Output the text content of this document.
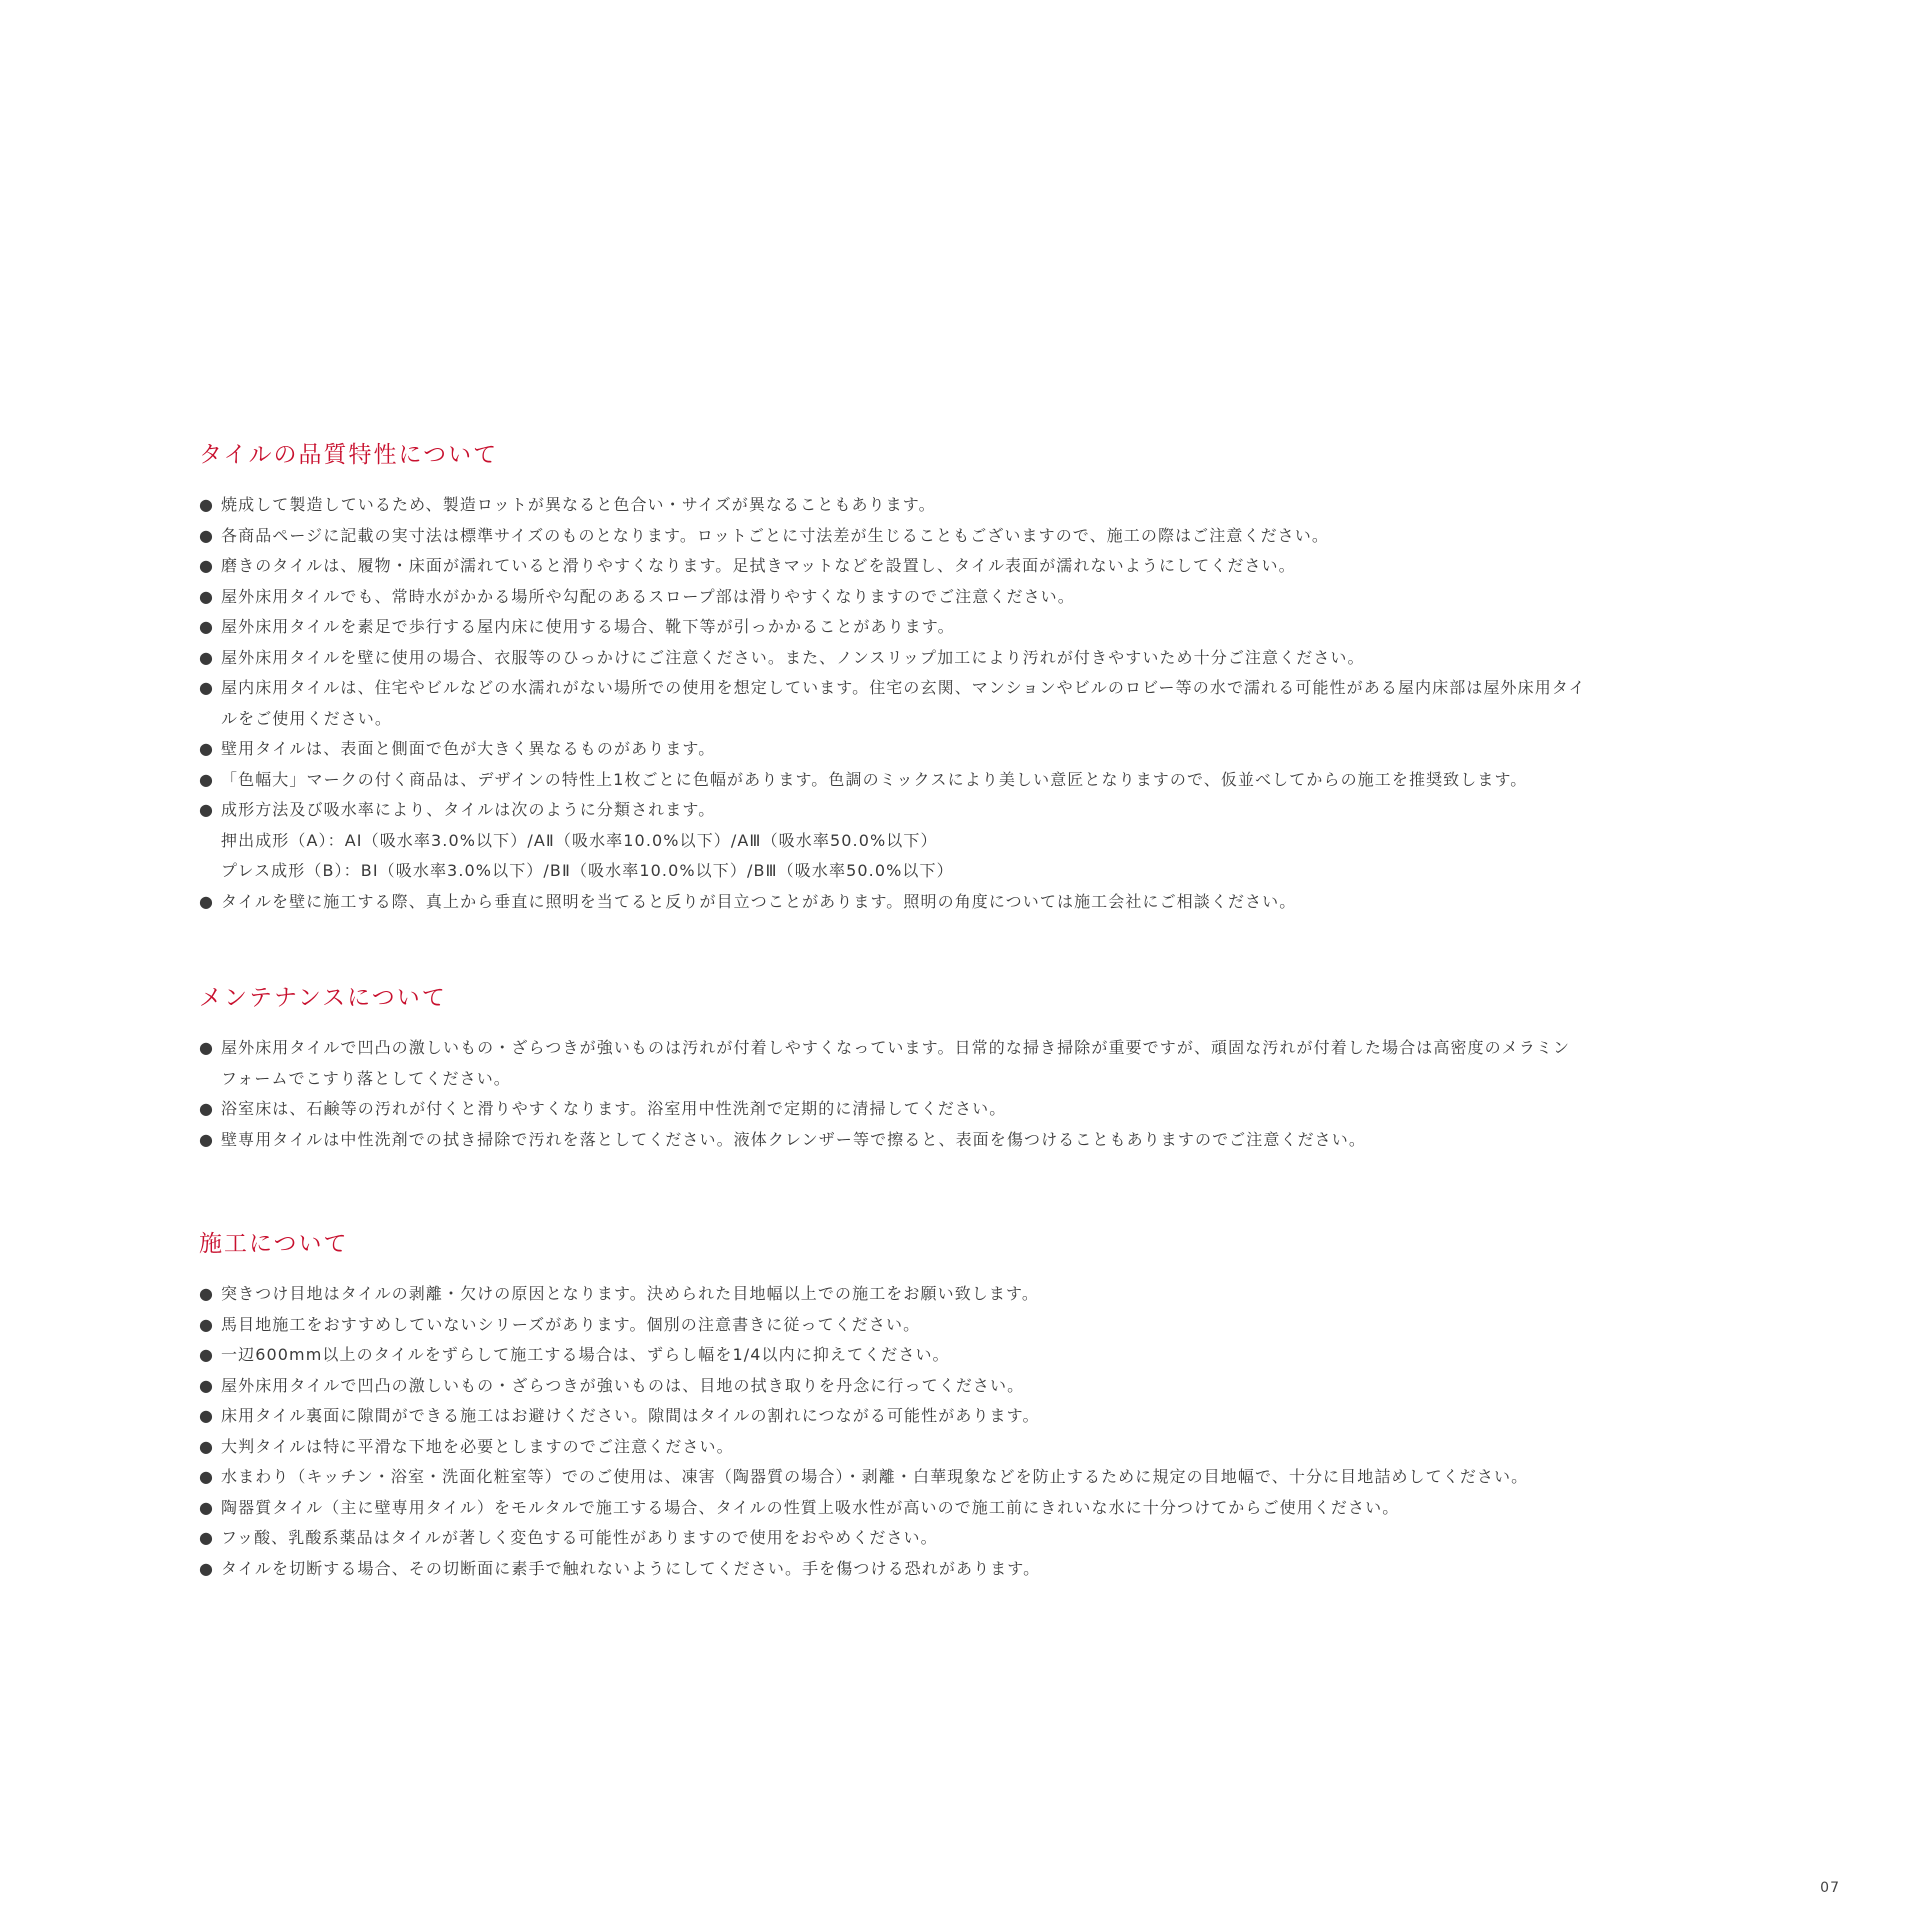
タイルの品質特性について
● 焼成して製造しているため、製造ロットが異なると色合い・サイズが異なることもあります。
● 各商品ページに記載の実寸法は標準サイズのものとなります。ロットごとに寸法差が生じることもございますので、施工の際はご注意ください。
● 磨きのタイルは、履物・床面が濡れていると滑りやすくなります。足拭きマットなどを設置し、タイル表面が濡れないようにしてください。
● 屋外床用タイルでも、常時水がかかる場所や勾配のあるスロープ部は滑りやすくなりますのでご注意ください。
● 屋外床用タイルを素足で歩行する屋内床に使用する場合、靴下等が引っかかることがあります。
● 屋外床用タイルを壁に使用の場合、衣服等のひっかけにご注意ください。また、ノンスリップ加工により汚れが付きやすいため十分ご注意ください。
● 屋内床用タイルは、住宅やビルなどの水濡れがない場所での使用を想定しています。住宅の玄関、マンションやビルのロビー等の水で濡れる可能性がある屋内床部は屋外床用タイ
ルをご使用ください。
● 壁用タイルは、表面と側面で色が大きく異なるものがあります。
● 「色幅大」マークの付く商品は、デザインの特性上1枚ごとに色幅があります。色調のミックスにより美しい意匠となりますので、仮並べしてからの施工を推奨致します。
● 成形方法及び吸水率により、タイルは次のように分類されます。
押出成形（A）：AⅠ（吸水率3.0%以下）/AⅡ（吸水率10.0%以下）/AⅢ（吸水率50.0%以下）
プレス成形（B）：BⅠ（吸水率3.0%以下）/BⅡ（吸水率10.0%以下）/BⅢ（吸水率50.0%以下）
● タイルを壁に施工する際、真上から垂直に照明を当てると反りが目立つことがあります。照明の角度については施工会社にご相談ください。
メンテナンスについて
● 屋外床用タイルで凹凸の激しいもの・ざらつきが強いものは汚れが付着しやすくなっています。日常的な掃き掃除が重要ですが、頑固な汚れが付着した場合は高密度のメラミン
フォームでこすり落としてください。
● 浴室床は、石鹸等の汚れが付くと滑りやすくなります。浴室用中性洗剤で定期的に清掃してください。
● 壁専用タイルは中性洗剤での拭き掃除で汚れを落としてください。液体クレンザー等で擦ると、表面を傷つけることもありますのでご注意ください。
施工について
● 突きつけ目地はタイルの剥離・欠けの原因となります。決められた目地幅以上での施工をお願い致します。
● 馬目地施工をおすすめしていないシリーズがあります。個別の注意書きに従ってください。
● 一辺600mm以上のタイルをずらして施工する場合は、ずらし幅を1/4以内に抑えてください。
● 屋外床用タイルで凹凸の激しいもの・ざらつきが強いものは、目地の拭き取りを丹念に行ってください。
● 床用タイル裏面に隙間ができる施工はお避けください。隙間はタイルの割れにつながる可能性があります。
● 大判タイルは特に平滑な下地を必要としますのでご注意ください。
● 水まわり（キッチン・浴室・洗面化粧室等）でのご使用は、凍害（陶器質の場合）・剥離・白華現象などを防止するために規定の目地幅で、十分に目地詰めしてください。
● 陶器質タイル（主に壁専用タイル）をモルタルで施工する場合、タイルの性質上吸水性が高いので施工前にきれいな水に十分つけてからご使用ください。
● フッ酸、乳酸系薬品はタイルが著しく変色する可能性がありますので使用をおやめください。
● タイルを切断する場合、その切断面に素手で触れないようにしてください。手を傷つける恐れがあります。
07
